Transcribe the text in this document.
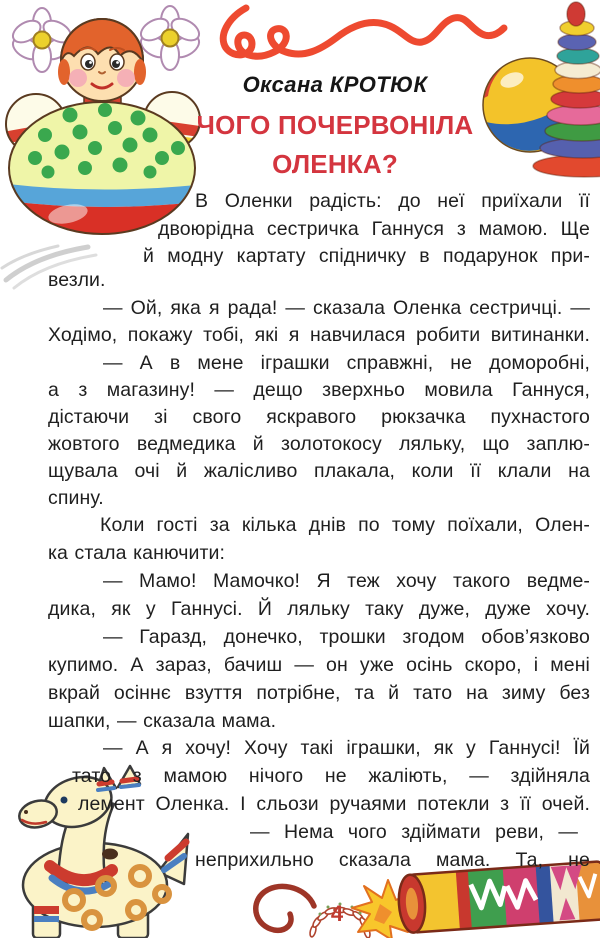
Оксана КРОТЮК
ЧОГО ПОЧЕРВОНІЛА
ОЛЕНКА?
В Оленки радість: до неї приїхали її
двоюрідна сестричка Ганнуся з мамою. Ще
й модну картату спідничку в подарунок при-
везли.
— Ой, яка я рада! — сказала Оленка сестричці. —
Ходімо, покажу тобі, які я навчилася робити витинанки.
— А в мене іграшки справжні, не доморобні,
а з магазину! — дещо зверхньо мовила Ганнуся,
дістаючи зі свого яскравого рюкзачка пухнастого
жовтого ведмедика й золотокосу ляльку, що заплю-
щувала очі й жалісливо плакала, коли її клали на
спину.
Коли гості за кілька днів по тому поїхали, Олен-
ка стала канючити:
— Мамо! Мамочко! Я теж хочу такого ведме-
дика, як у Ганнусі. Й ляльку таку дуже, дуже хочу.
— Гаразд, донечко, трошки згодом обов’язково
купимо. А зараз, бачиш — он уже осінь скоро, і мені
вкрай осіннє взуття потрібне, та й тато на зиму без
шапки, — сказала мама.
— А я хочу! Хочу такі іграшки, як у Ганнусі! Їй
тато з мамою нічого не жаліють, — здійняла
лемент Оленка. І сльози ручаями потекли з її очей.
— Нема чого здіймати реви, —
неприхильно сказала мама. Та, не
4
